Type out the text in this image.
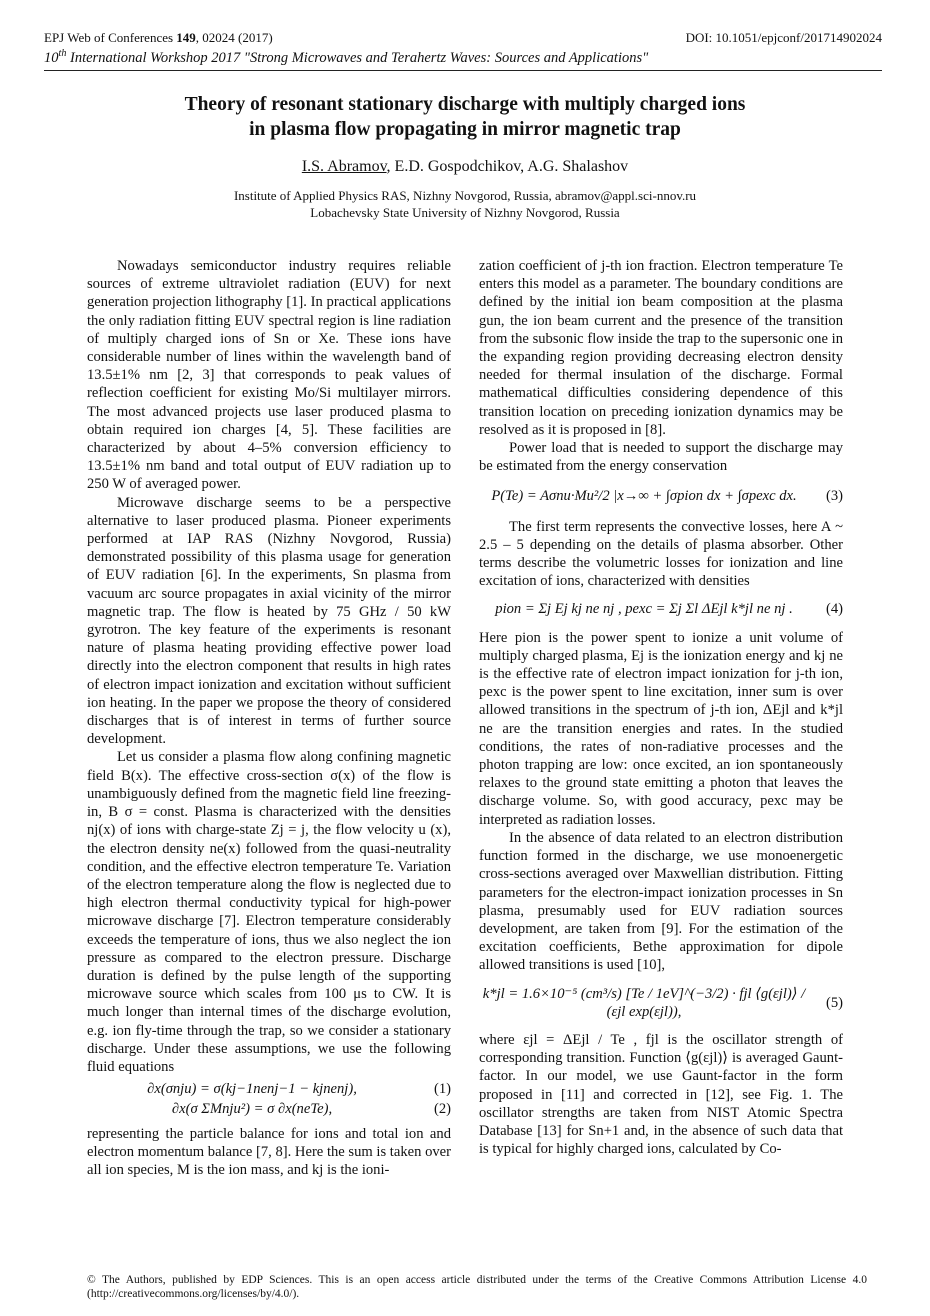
EPJ Web of Conferences 149, 02024 (2017)	DOI: 10.1051/epjconf/201714902024
10th International Workshop 2017 "Strong Microwaves and Terahertz Waves: Sources and Applications"
Theory of resonant stationary discharge with multiply charged ions
in plasma flow propagating in mirror magnetic trap
I.S. Abramov, E.D. Gospodchikov, A.G. Shalashov
Institute of Applied Physics RAS, Nizhny Novgorod, Russia, abramov@appl.sci-nnov.ru
Lobachevsky State University of Nizhny Novgorod, Russia

Nowadays semiconductor industry requires reliable sources of extreme ultraviolet radiation (EUV) for next generation projection lithography [1]. In practical applications the only radiation fitting EUV spectral region is line radiation of multiply charged ions of Sn or Xe. These ions have considerable number of lines within the wavelength band of 13.5±1% nm [2, 3] that corresponds to peak values of reflection coefficient for existing Mo/Si multilayer mirrors. The most advanced projects use laser produced plasma to obtain required ion charges [4, 5]. These facilities are characterized by about 4–5% conversion efficiency to 13.5±1% nm band and total output of EUV radiation up to 250 W of averaged power.

Microwave discharge seems to be a perspective alternative to laser produced plasma. Pioneer experiments performed at IAP RAS (Nizhny Novgorod, Russia) demonstrated possibility of this plasma usage for generation of EUV radiation [6]. In the experiments, Sn plasma from vacuum arc source propagates in axial vicinity of the mirror magnetic trap. The flow is heated by 75 GHz / 50 kW gyrotron. The key feature of the experiments is resonant nature of plasma heating providing effective power load directly into the electron component that results in high rates of electron impact ionization and excitation without sufficient ion heating. In the paper we propose the theory of considered discharges that is of interest in terms of further source development.

Let us consider a plasma flow along confining magnetic field B(x). The effective cross-section σ(x) of the flow is unambiguously defined from the magnetic field line freezing-in, B σ = const. Plasma is characterized with the densities nj(x) of ions with charge-state Zj = j, the flow velocity u (x), the electron density ne(x) followed from the quasi-neutrality condition, and the effective electron temperature Te. Variation of the electron temperature along the flow is neglected due to high electron thermal conductivity typical for high-power microwave discharge [7]. Electron temperature considerably exceeds the temperature of ions, thus we also neglect the ion pressure as compared to the electron pressure. Discharge duration is defined by the pulse length of the supporting microwave source which scales from 100 μs to CW. It is much longer than internal times of the discharge evolution, e.g. ion fly-time through the trap, so we consider a stationary discharge. Under these assumptions, we use the following fluid equations

∂x(σnju) = σ(kj−1nenj−1 − kjnenj),	(1)
∂x(σ ΣMnju²) = σ ∂x(neTe),	(2)

representing the particle balance for ions and total ion and electron momentum balance [7, 8]. Here the sum is taken over all ion species, M is the ion mass, and kj is the ioni-

zation coefficient of j-th ion fraction. Electron temperature Te enters this model as a parameter. The boundary conditions are defined by the initial ion beam composition at the plasma gun, the ion beam current and the presence of the transition from the subsonic flow inside the trap to the supersonic one in the expanding region providing decreasing electron density needed for thermal insulation of the discharge. Formal mathematical difficulties considering dependence of this transition location on preceding ionization dynamics may be resolved as it is proposed in [8].

Power load that is needed to support the discharge may be estimated from the energy conservation

P(Te) = Aσnu·Mu²/2 |x→∞ + ∫σpion dx + ∫σpexc dx.	(3)

The first term represents the convective losses, here A ~ 2.5 – 5 depending on the details of plasma absorber. Other terms describe the volumetric losses for ionization and line excitation of ions, characterized with densities

pion = Σj Ej kj ne nj , pexc = Σj Σl ΔEjl k*jl ne nj .	(4)

Here pion is the power spent to ionize a unit volume of multiply charged plasma, Ej is the ionization energy and kj ne is the effective rate of electron impact ionization for j-th ion, pexc is the power spent to line excitation, inner sum is over allowed transitions in the spectrum of j-th ion, ΔEjl and k*jl ne are the transition energies and rates. In the studied conditions, the rates of non-radiative processes and the photon trapping are low: once excited, an ion spontaneously relaxes to the ground state emitting a photon that leaves the discharge volume. So, with good accuracy, pexc may be interpreted as radiation losses.

In the absence of data related to an electron distribution function formed in the discharge, we use monoenergetic cross-sections averaged over Maxwellian distribution. Fitting parameters for the electron-impact ionization processes in Sn plasma, presumably used for EUV radiation sources development, are taken from [9]. For the estimation of the excitation coefficients, Bethe approximation for dipole allowed transitions is used [10],

k*jl = 1.6×10⁻⁵ (cm³/s) [Te / 1eV]^(−3/2) · fjl ⟨g(εjl)⟩ / (εjl exp(εjl)),
(5)

where εjl = ΔEjl / Te , fjl is the oscillator strength of corresponding transition. Function ⟨g(εjl)⟩ is averaged Gaunt-factor. In our model, we use Gaunt-factor in the form proposed in [11] and corrected in [12], see Fig. 1. The oscillator strengths are taken from NIST Atomic Spectra Database [13] for Sn+1 and, in the absence of such data that is typical for highly charged ions, calculated by Co-

© The Authors, published by EDP Sciences. This is an open access article distributed under the terms of the Creative Commons Attribution License 4.0 (http://creativecommons.org/licenses/by/4.0/).
